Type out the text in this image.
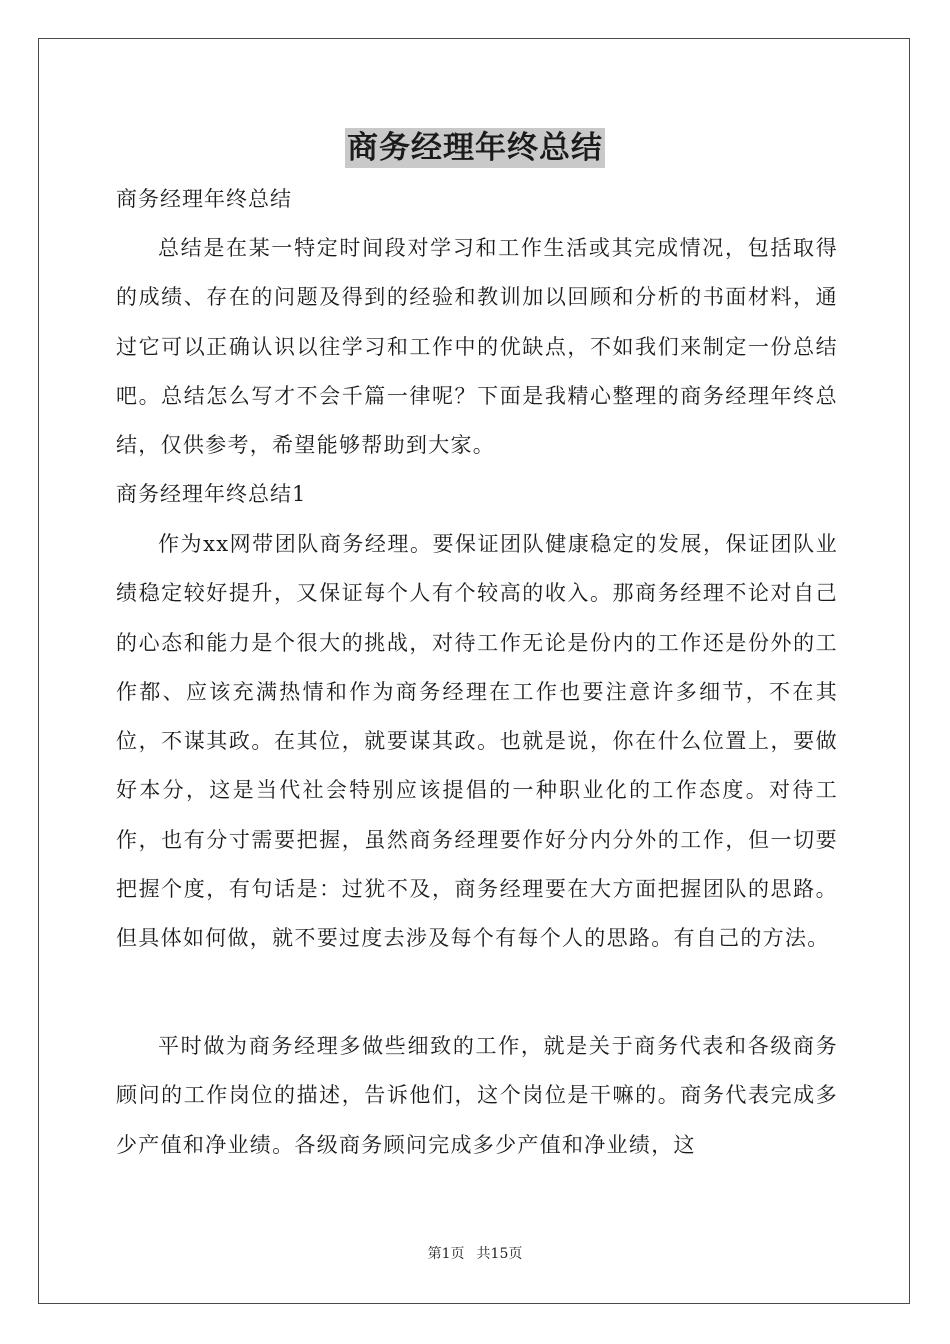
商务经理年终总结

商务经理年终总结

总结是在某一特定时间段对学习和工作生活或其完成情况，包括取得的成绩、存在的问题及得到的经验和教训加以回顾和分析的书面材料，通过它可以正确认识以往学习和工作中的优缺点，不如我们来制定一份总结吧。总结怎么写才不会千篇一律呢？下面是我精心整理的商务经理年终总结，仅供参考，希望能够帮助到大家。

商务经理年终总结1

作为xx网带团队商务经理。要保证团队健康稳定的发展，保证团队业绩稳定较好提升，又保证每个人有个较高的收入。那商务经理不论对自己的心态和能力是个很大的挑战，对待工作无论是份内的工作还是份外的工作都、应该充满热情和作为商务经理在工作也要注意许多细节，不在其位，不谋其政。在其位，就要谋其政。也就是说，你在什么位置上，要做好本分，这是当代社会特别应该提倡的一种职业化的工作态度。对待工作，也有分寸需要把握，虽然商务经理要作好分内分外的工作，但一切要把握个度，有句话是：过犹不及，商务经理要在大方面把握团队的思路。但具体如何做，就不要过度去涉及每个有每个人的思路。有自己的方法。

平时做为商务经理多做些细致的工作，就是关于商务代表和各级商务顾问的工作岗位的描述，告诉他们，这个岗位是干嘛的。商务代表完成多少产值和净业绩。各级商务顾问完成多少产值和净业绩，这

第1页 共15页
